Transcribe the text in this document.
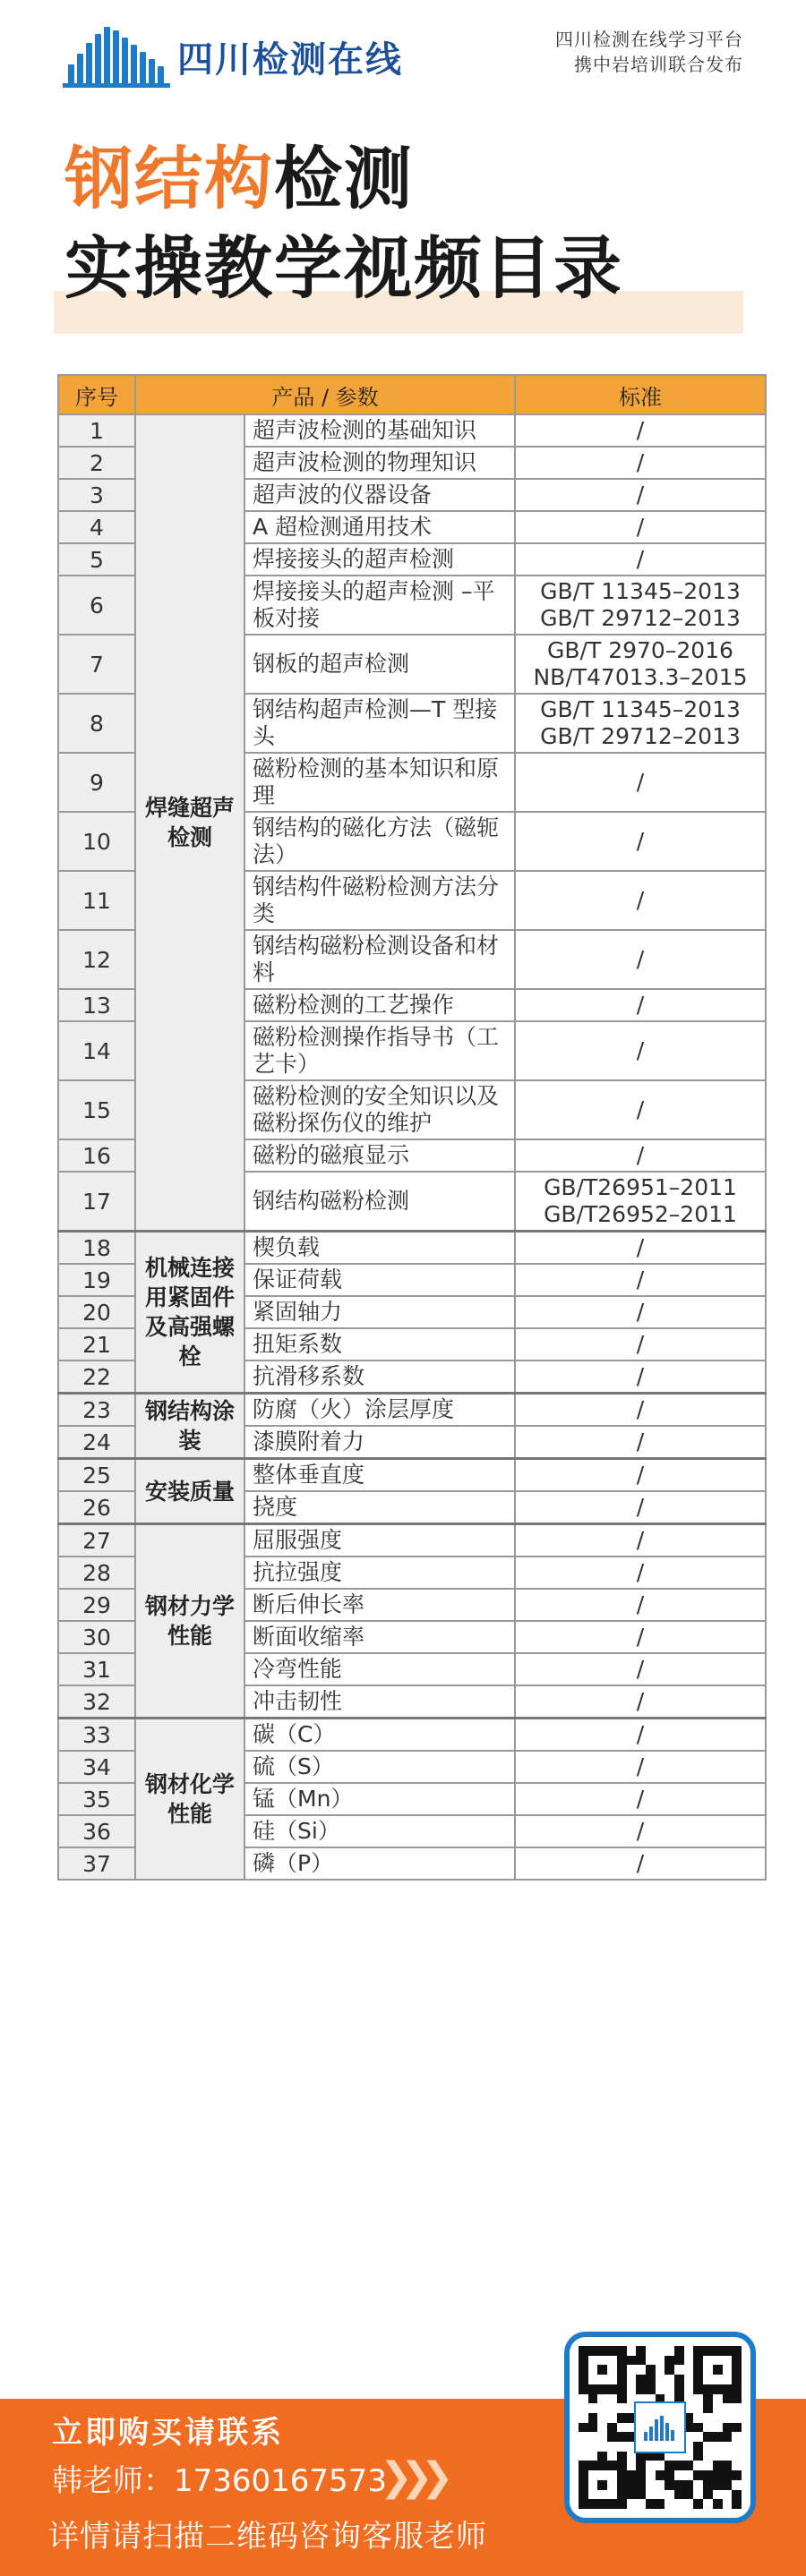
四川检测在线	四川检测在线学习平台
携中岩培训联合发布
钢结构检测
实操教学视频目录
序号	产品 / 参数		标准
1	焊缝超声检测	超声波检测的基础知识	/
2		超声波检测的物理知识	/
3		超声波的仪器设备	/
4		A 超检测通用技术	/
5		焊接接头的超声检测	/
6		焊接接头的超声检测 –平板对接	GB/T 11345–2013
GB/T 29712–2013
7		钢板的超声检测	GB/T 2970–2016
NB/T47013.3–2015
8		钢结构超声检测—T 型接头	GB/T 11345–2013
GB/T 29712–2013
9		磁粉检测的基本知识和原理	/
10		钢结构的磁化方法（磁轭法）	/
11		钢结构件磁粉检测方法分类	/
12		钢结构磁粉检测设备和材料	/
13		磁粉检测的工艺操作	/
14		磁粉检测操作指导书（工艺卡）	/
15		磁粉检测的安全知识以及磁粉探伤仪的维护	/
16		磁粉的磁痕显示	/
17		钢结构磁粉检测	GB/T26951–2011
GB/T26952–2011
18	机械连接用紧固件及高强螺栓	楔负载	/
19		保证荷载	/
20		紧固轴力	/
21		扭矩系数	/
22		抗滑移系数	/
23	钢结构涂装	防腐（火）涂层厚度	/
24		漆膜附着力	/
25	安装质量	整体垂直度	/
26		挠度	/
27	钢材力学性能	屈服强度	/
28		抗拉强度	/
29		断后伸长率	/
30		断面收缩率	/
31		冷弯性能	/
32		冲击韧性	/
33	钢材化学性能	碳（C）	/
34		硫（S）	/
35		锰（Mn）	/
36		硅（Si）	/
37		磷（P）	/
立即购买请联系
韩老师：17360167573
❯❯❯
详情请扫描二维码咨询客服老师
